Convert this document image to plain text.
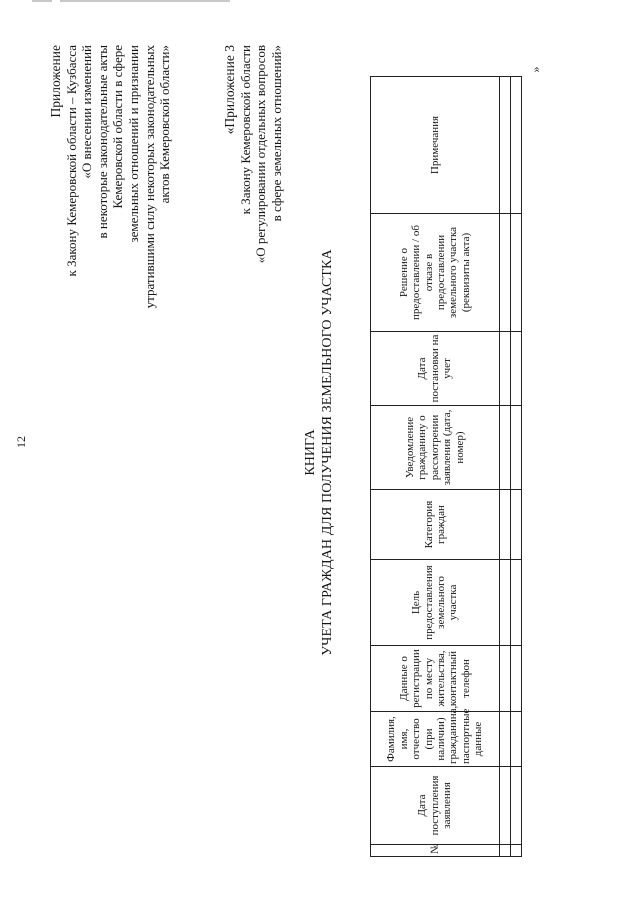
12
»
Приложение к Закону Кемеровской области – Кузбасса «О внесении изменений в некоторые законодательные акты Кемеровской области в сфере земельных отношений и признании утратившими силу некоторых законодательных актов Кемеровской области»	«Приложение 3 к Закону Кемеровской области «О регулировании отдельных вопросов в сфере земельных отношений»
КНИГА УЧЕТА ГРАЖДАН ДЛЯ ПОЛУЧЕНИЯ ЗЕМЕЛЬНОГО УЧАСТКА
№	Дата поступления заявления	Фамилия, имя, отчество (при наличии) гражданина, паспортные данные	Данные о регистрации по месту жительства, контактный телефон	Цель предоставления земельного участка	Категория граждан	Уведомление гражданину о рассмотрении заявления (дата, номер)	Дата постановки на учет	Решение о предоставлении / об отказе в предоставлении земельного участка (реквизиты акта)	Примечания
